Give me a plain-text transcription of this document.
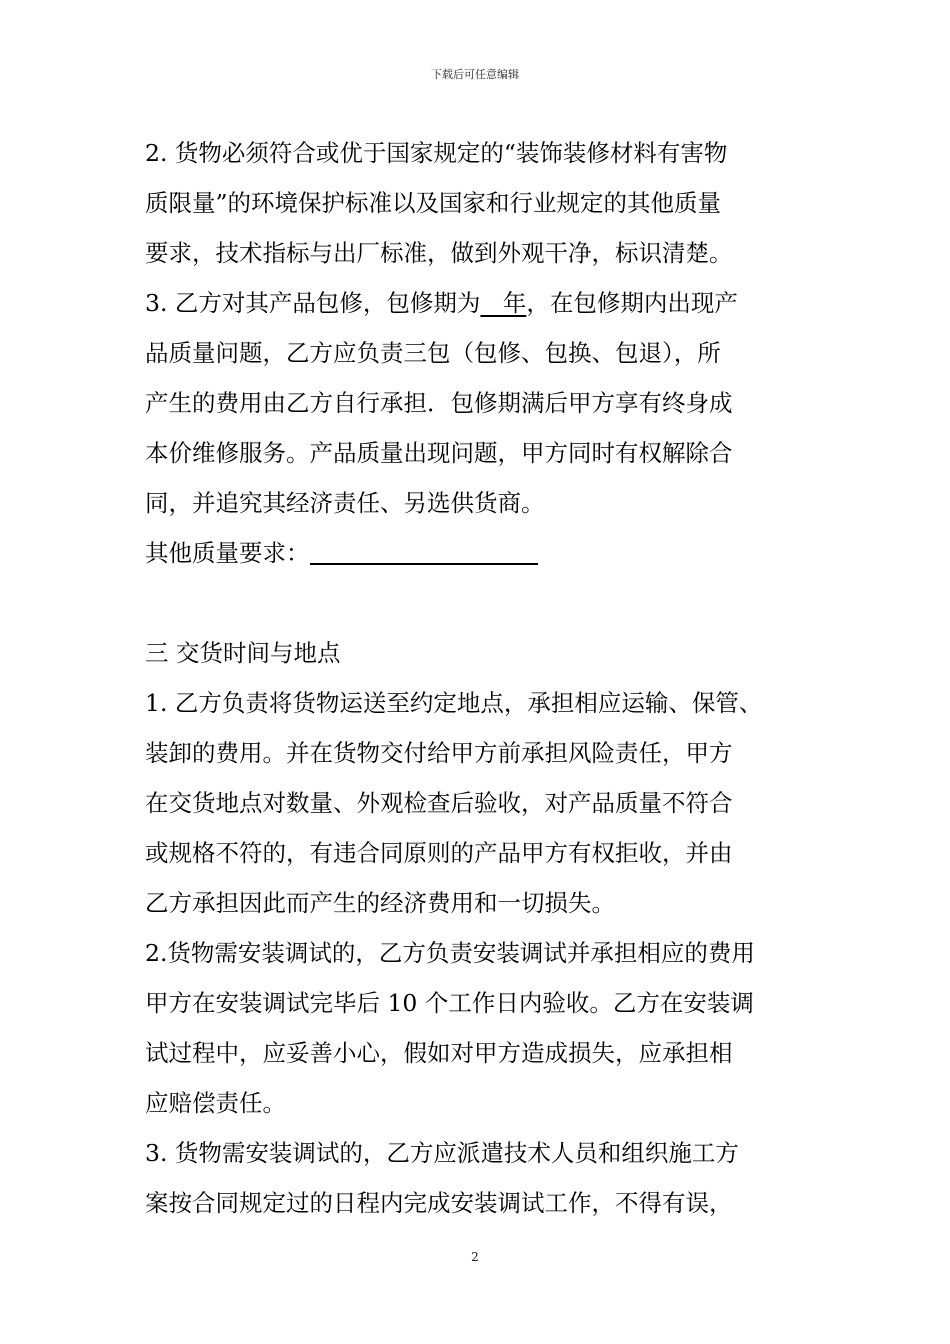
下载后可任意编辑
2. 货物必须符合或优于国家规定的“装饰装修材料有害物
质限量”的环境保护标准以及国家和行业规定的其他质量
要求，技术指标与出厂标准，做到外观干净，标识清楚。
3. 乙方对其产品包修，包修期为   年，在包修期内出现产
品质量问题，乙方应负责三包（包修、包换、包退），所
产生的费用由乙方自行承担．包修期满后甲方享有终身成
本价维修服务。产品质量出现问题，甲方同时有权解除合
同，并追究其经济责任、另选供货商。
其他质量要求：
三 交货时间与地点
1. 乙方负责将货物运送至约定地点，承担相应运输、保管、
装卸的费用。并在货物交付给甲方前承担风险责任，甲方
在交货地点对数量、外观检查后验收，对产品质量不符合
或规格不符的，有违合同原则的产品甲方有权拒收，并由
乙方承担因此而产生的经济费用和一切损失。
2.货物需安装调试的，乙方负责安装调试并承担相应的费用
甲方在安装调试完毕后 10 个工作日内验收。乙方在安装调
试过程中，应妥善小心，假如对甲方造成损失，应承担相
应赔偿责任。
3. 货物需安装调试的，乙方应派遣技术人员和组织施工方
案按合同规定过的日程内完成安装调试工作，不得有误，
2
